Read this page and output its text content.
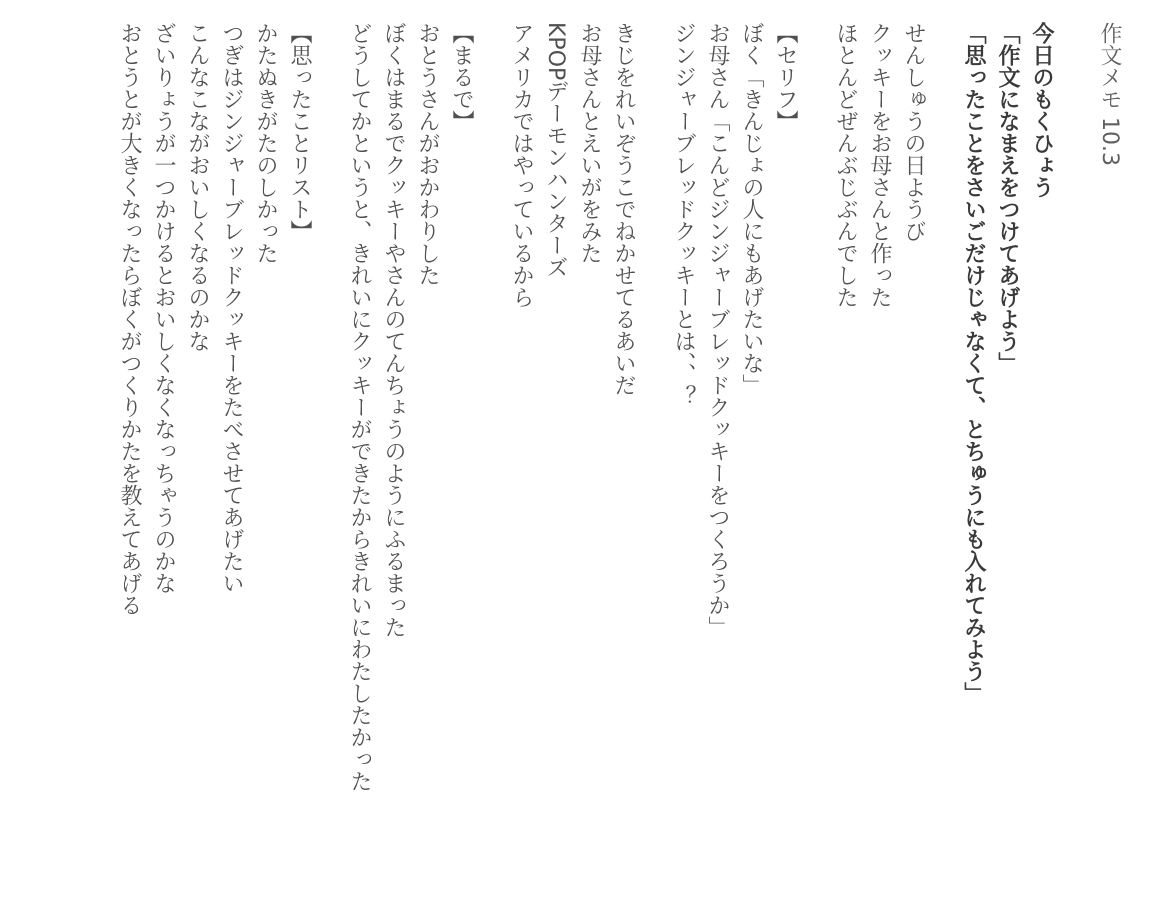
作文メモ 10.3

今日のもくひょう
「作文になまえをつけてあげよう」
「思ったことをさいごだけじゃなくて、とちゅうにも入れてみよう」
せんしゅうの日ようび
クッキーをお母さんと作った
ほとんどぜんぶじぶんでした
【セリフ】
ぼく「きんじょの人にもあげたいな」
お母さん「こんどジンジャーブレッドクッキーをつくろうか」
ジンジャーブレッドクッキーとは、、？
きじをれいぞうこでねかせてるあいだ
お母さんとえいがをみた
KPOPデーモンハンターズ
アメリカではやっているから
【まるで】
おとうさんがおかわりした
ぼくはまるでクッキーやさんのてんちょうのようにふるまった
どうしてかというと、きれいにクッキーができたからきれいにわたしたかった
【思ったことリスト】
かたぬきがたのしかった
つぎはジンジャーブレッドクッキーをたべさせてあげたい
こんなこながおいしくなるのかな
ざいりょうが一つかけるとおいしくなくなっちゃうのかな
おとうとが大きくなったらぼくがつくりかたを教えてあげる
